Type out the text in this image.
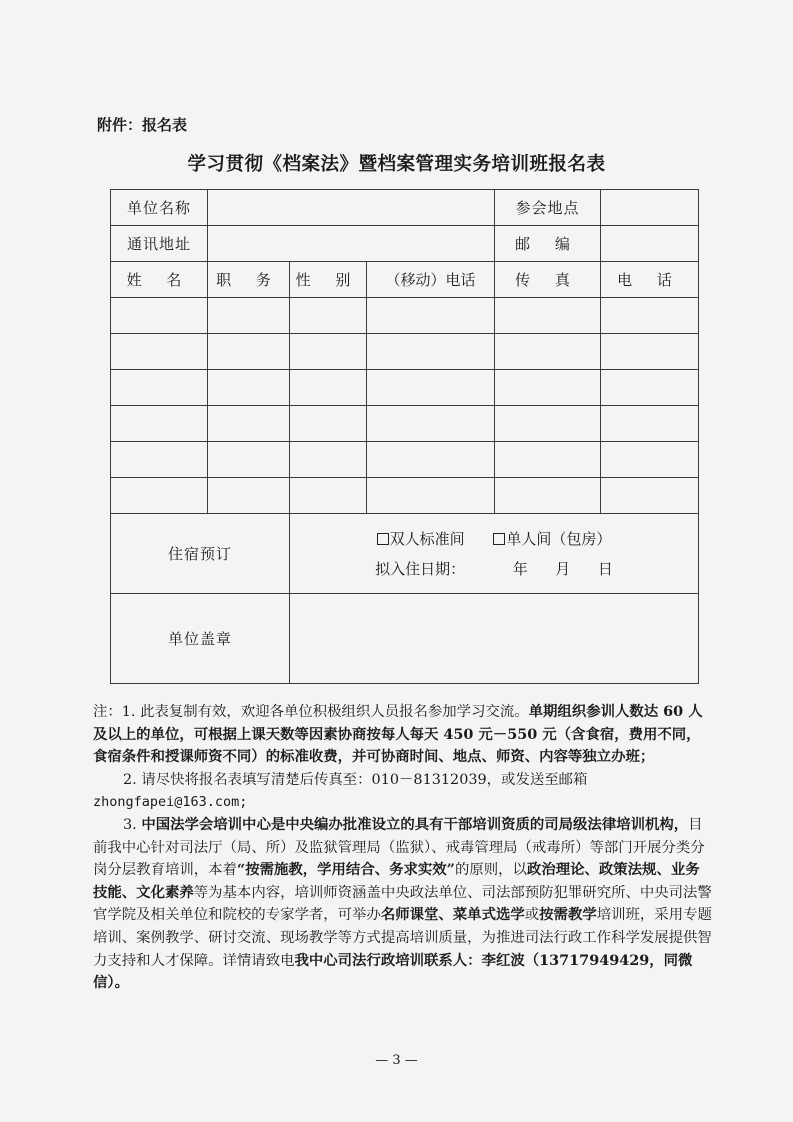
附件：报名表
学习贯彻《档案法》暨档案管理实务培训班报名表
单位名称				参会地点	
通讯地址				邮 编	
姓 名	职 务	性 别	（移动）电话	传 真	电 话

住宿预订		双人标准间 单人间（包房）
拟入住日期： 年 月 日			

单位盖章					

注：1. 此表复制有效，欢迎各单位积极组织人员报名参加学习交流。单期组织参训人数达 60 人及以上的单位，可根据上课天数等因素协商按每人每天 450 元－550 元（含食宿，费用不同，食宿条件和授课师资不同）的标准收费，并可协商时间、地点、师资、内容等独立办班；

2. 请尽快将报名表填写清楚后传真至：010－81312039，或发送至邮箱 zhongfapei@163.com;

3. 中国法学会培训中心是中央编办批准设立的具有干部培训资质的司局级法律培训机构，目前我中心针对司法厅（局、所）及监狱管理局（监狱）、戒毒管理局（戒毒所）等部门开展分类分岗分层教育培训，本着“按需施教，学用结合、务求实效”的原则，以政治理论、政策法规、业务技能、文化素养等为基本内容，培训师资涵盖中央政法单位、司法部预防犯罪研究所、中央司法警官学院及相关单位和院校的专家学者，可举办名师课堂、菜单式选学或按需教学培训班，采用专题培训、案例教学、研讨交流、现场教学等方式提高培训质量，为推进司法行政工作科学发展提供智力支持和人才保障。详情请致电我中心司法行政培训联系人：李红波（13717949429，同微信）。

— 3 —
